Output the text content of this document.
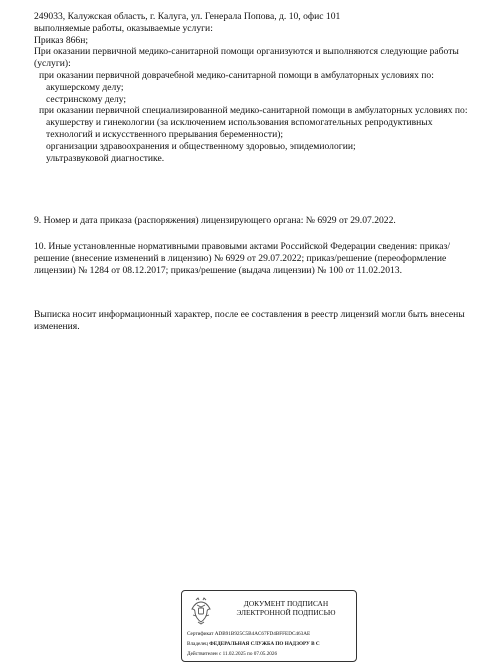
249033, Калужская область, г. Калуга, ул. Генерала Попова, д. 10, офис 101

выполняемые работы, оказываемые услуги:

Приказ 866н;

При оказании первичной медико-санитарной помощи организуются и выполняются следующие работы (услуги):

при оказании первичной доврачебной медико-санитарной помощи в амбулаторных условиях по:

акушерскому делу;

сестринскому делу;

при оказании первичной специализированной медико-санитарной помощи в амбулаторных условиях по:

акушерству и гинекологии (за исключением использования вспомогательных репродуктивных технологий и искусственного прерывания беременности);

организации здравоохранения и общественному здоровью, эпидемиологии;

ультразвуковой диагностике.

9. Номер и дата приказа (распоряжения) лицензирующего органа: № 6929 от 29.07.2022.

10. Иные установленные нормативными правовыми актами Российской Федерации сведения: приказ/решение (внесение изменений в лицензию) № 6929 от 29.07.2022; приказ/решение (переоформление лицензии) № 1284 от 08.12.2017; приказ/решение (выдача лицензии) № 100 от 11.02.2013.

Выписка носит информационный характер, после ее составления в реестр лицензий могли быть внесены изменения.

ДОКУМЕНТ ПОДПИСАН
ЭЛЕКТРОННОЙ ПОДПИСЬЮ
Сертификат ADB91B925C5B4AC67FD4BFFEDC463AE
Владелец ФЕДЕРАЛЬНАЯ СЛУЖБА ПО НАДЗОРУ В С
Действителен с 11.02.2025 по 07.05.2026
